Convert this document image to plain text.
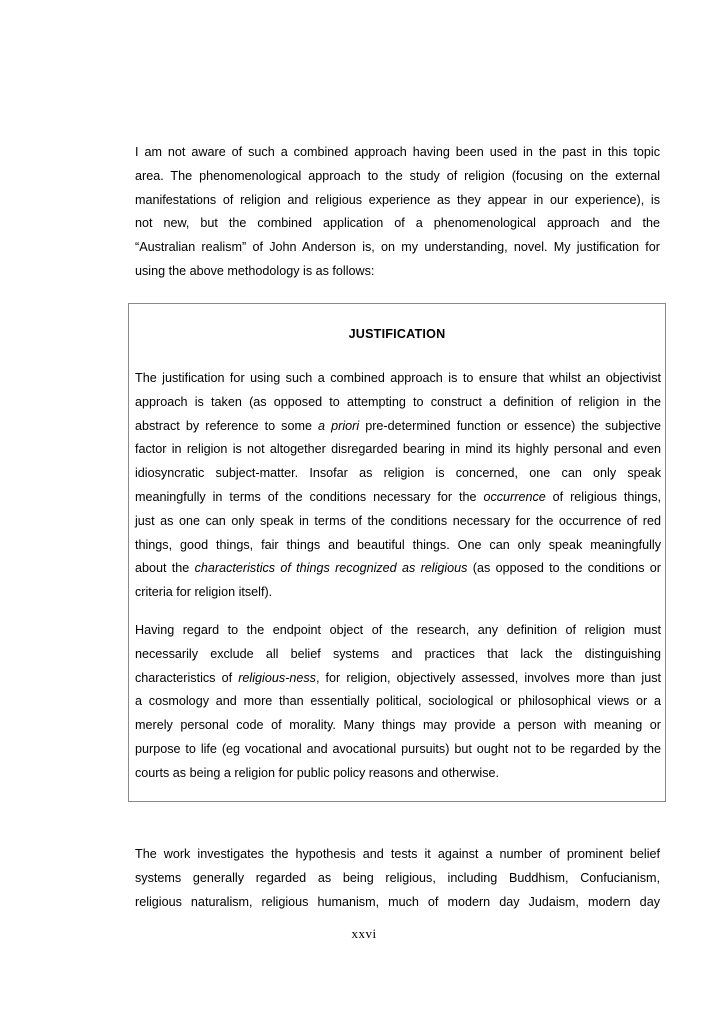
I am not aware of such a combined approach having been used in the past in this topic
area. The phenomenological approach to the study of religion (focusing on the external
manifestations of religion and religious experience as they appear in our experience), is
not new, but the combined application of a phenomenological approach and the
“Australian realism” of John Anderson is, on my understanding, novel. My justification for
using the above methodology is as follows:

JUSTIFICATION

The justification for using such a combined approach is to ensure that whilst an objectivist
approach is taken (as opposed to attempting to construct a definition of religion in the
abstract by reference to some a priori pre-determined function or essence) the subjective
factor in religion is not altogether disregarded bearing in mind its highly personal and even
idiosyncratic subject-matter. Insofar as religion is concerned, one can only speak
meaningfully in terms of the conditions necessary for the occurrence of religious things,
just as one can only speak in terms of the conditions necessary for the occurrence of red
things, good things, fair things and beautiful things. One can only speak meaningfully
about the characteristics of things recognized as religious (as opposed to the conditions or
criteria for religion itself).

Having regard to the endpoint object of the research, any definition of religion must
necessarily exclude all belief systems and practices that lack the distinguishing
characteristics of religious-ness, for religion, objectively assessed, involves more than just
a cosmology and more than essentially political, sociological or philosophical views or a
merely personal code of morality. Many things may provide a person with meaning or
purpose to life (eg vocational and avocational pursuits) but ought not to be regarded by the
courts as being a religion for public policy reasons and otherwise.

The work investigates the hypothesis and tests it against a number of prominent belief
systems generally regarded as being religious, including Buddhism, Confucianism,
religious naturalism, religious humanism, much of modern day Judaism, modern day

xxvi
